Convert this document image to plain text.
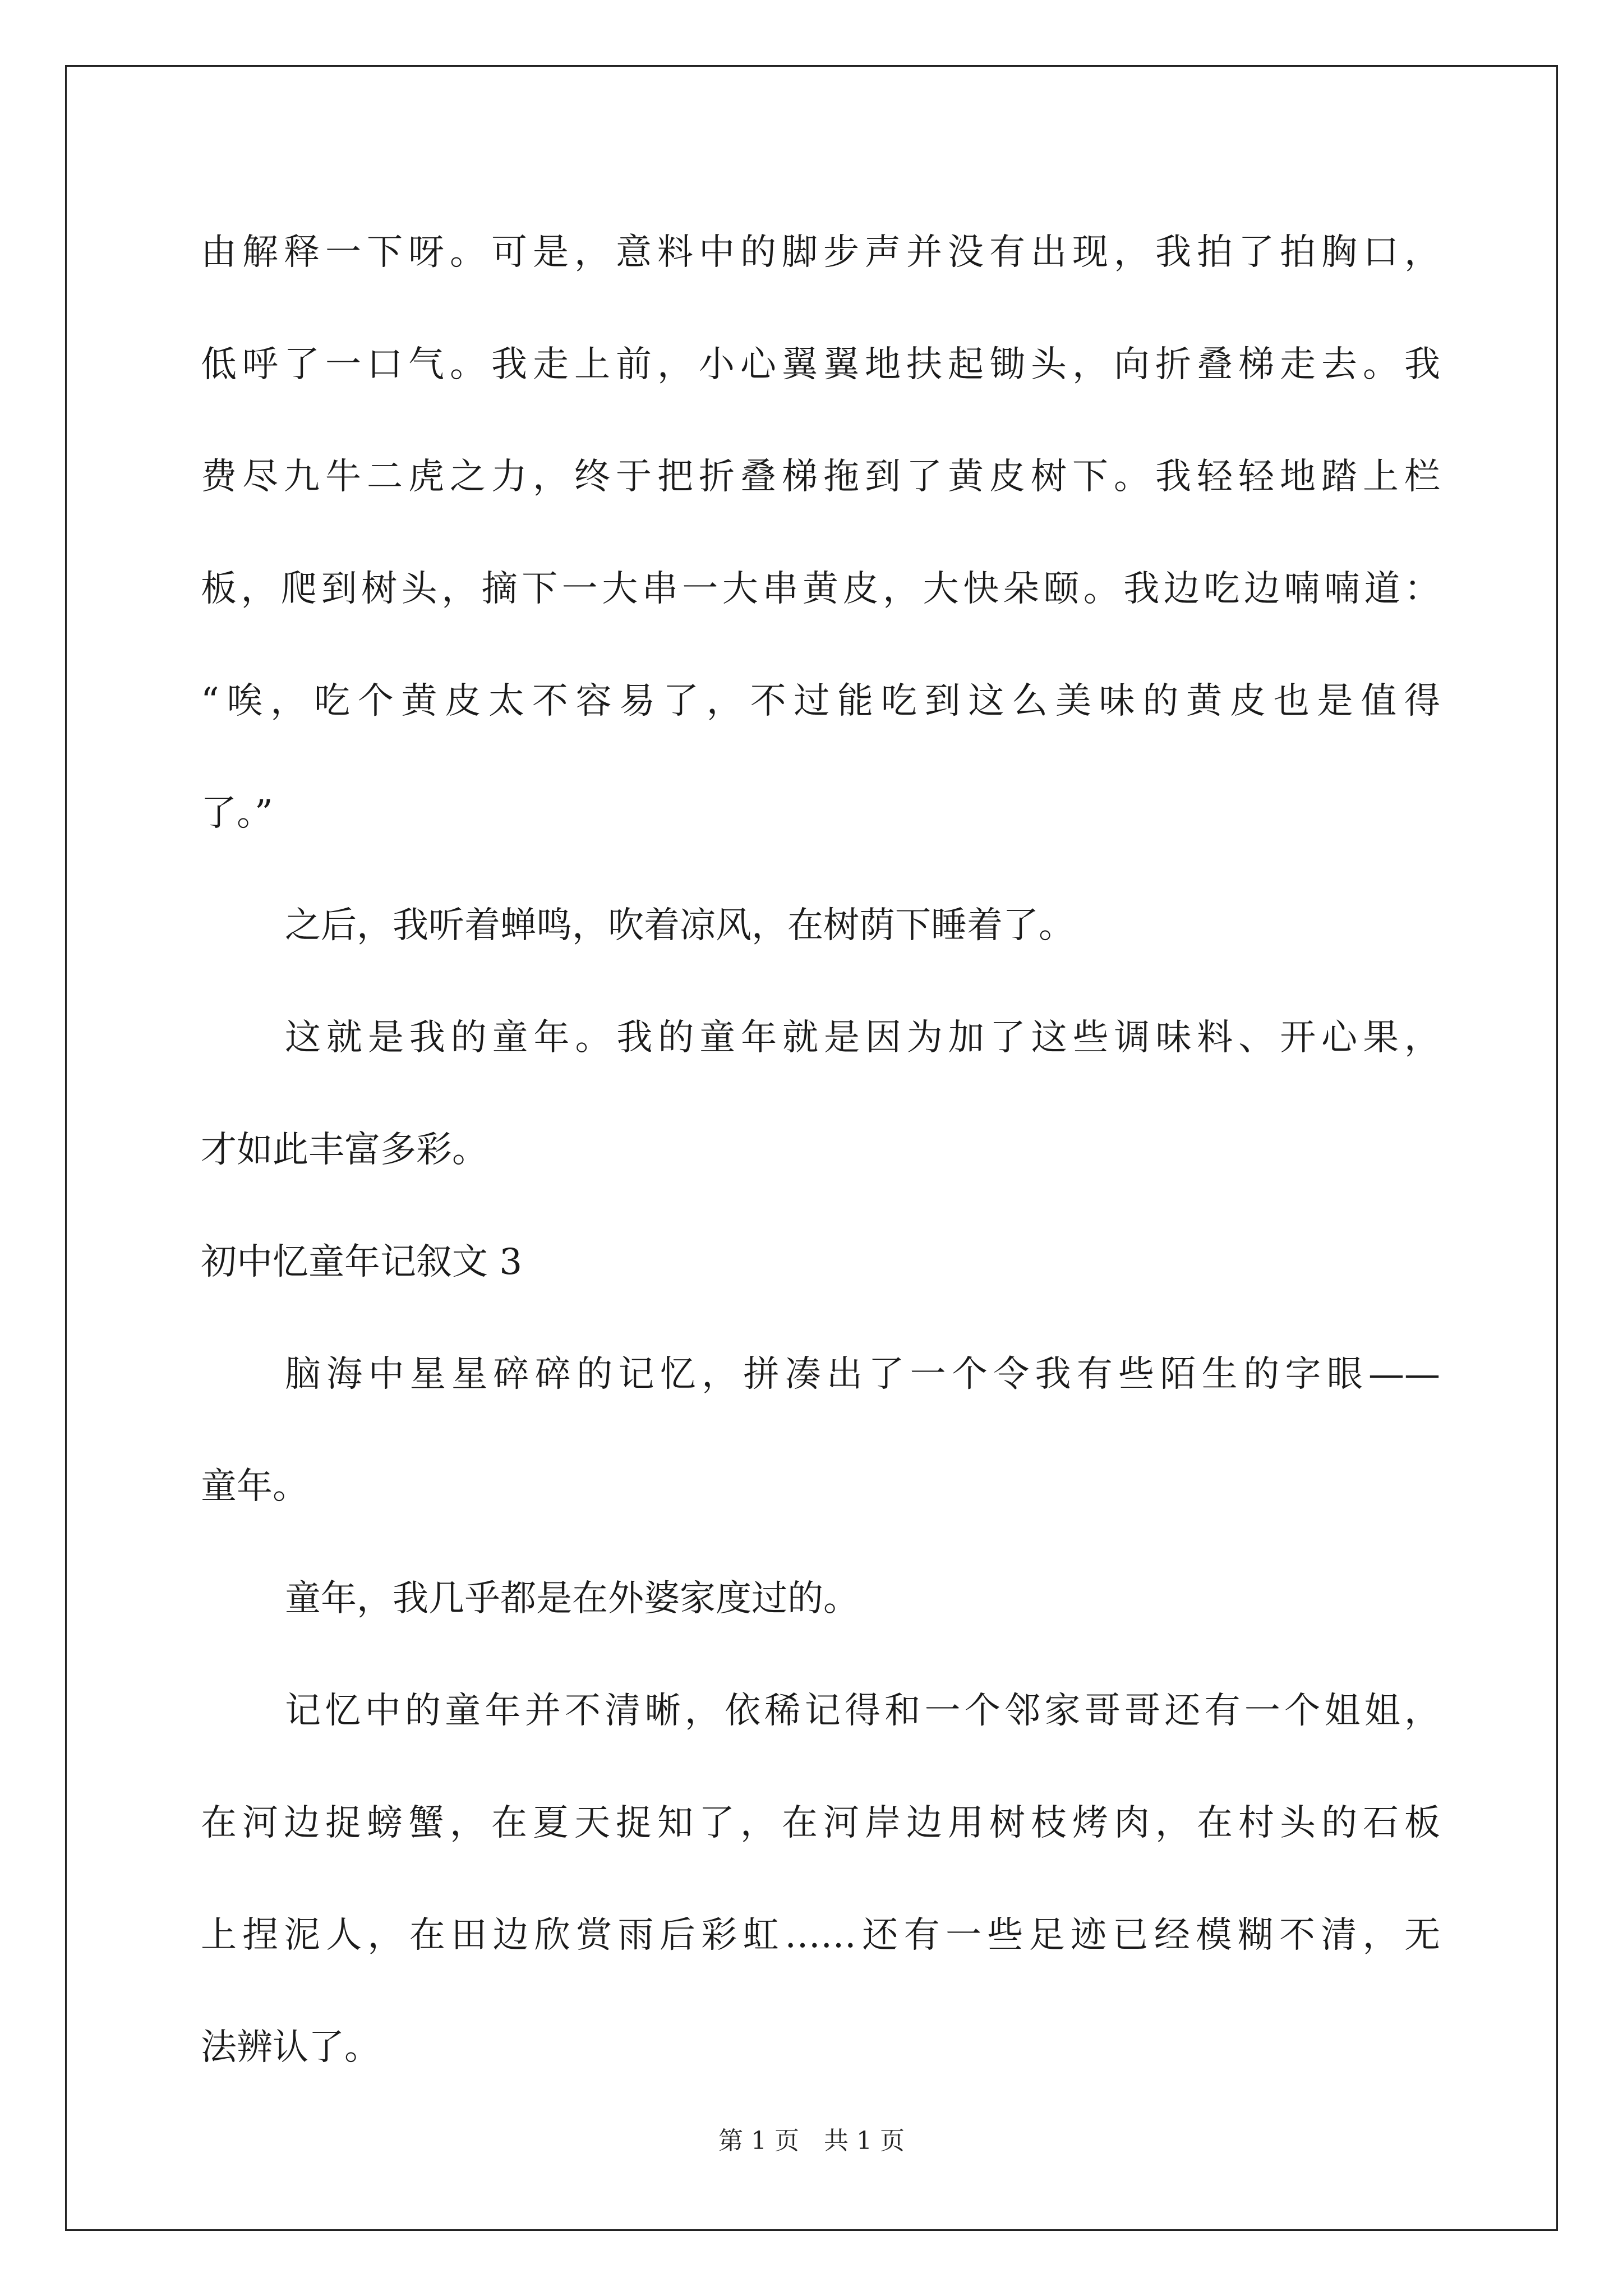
由解释一下呀。可是，意料中的脚步声并没有出现，我拍了拍胸口，
低呼了一口气。我走上前，小心翼翼地扶起锄头，向折叠梯走去。我
费尽九牛二虎之力，终于把折叠梯拖到了黄皮树下。我轻轻地踏上栏
板，爬到树头，摘下一大串一大串黄皮，大快朵颐。我边吃边喃喃道：
“唉，吃个黄皮太不容易了，不过能吃到这么美味的黄皮也是值得
了。”
之后，我听着蝉鸣，吹着凉风，在树荫下睡着了。
这就是我的童年。我的童年就是因为加了这些调味料、开心果，
才如此丰富多彩。
初中忆童年记叙文 3
脑海中星星碎碎的记忆，拼凑出了一个令我有些陌生的字眼——
童年。
童年，我几乎都是在外婆家度过的。
记忆中的童年并不清晰，依稀记得和一个邻家哥哥还有一个姐姐，
在河边捉螃蟹，在夏天捉知了，在河岸边用树枝烤肉，在村头的石板
上捏泥人，在田边欣赏雨后彩虹……还有一些足迹已经模糊不清，无
法辨认了。
第 1 页 共 1 页
